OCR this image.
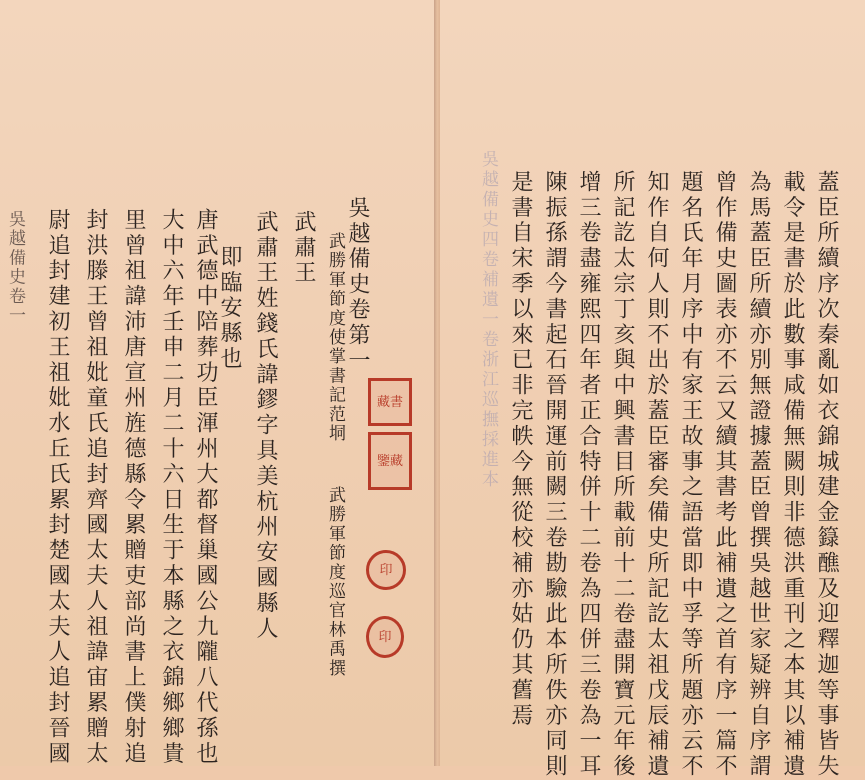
吳越備史卷一 尉追封建初王祖妣水丘氏累封楚國太夫人追封晉國 封洪滕王曾祖妣童氏追封齊國太夫人祖諱宙累贈太 里曾祖諱沛唐宣州旌德縣令累贈吏部尚書上僕射追 大中六年壬申二月二十六日生于本縣之衣錦鄉鄉貴 唐武德中陪葬功臣渾州大都督巢國公九隴八代孫也 即臨安縣也 武肅王姓錢氏諱鏐字具美杭州安國縣人 武肅王
武勝軍節度巡官林禹撰
武勝軍節度使掌書記范垌 吳越備史卷第一
藏書
鑒藏
印
印	是書自宋季以來已非完帙今無從校補亦姑仍其舊焉 陳振孫謂今書起石晉開運前闕三卷勘驗此本所佚亦同則 增三卷盡雍熙四年者正合特併十二卷為四併三卷為一耳 所記訖太宗丁亥與中興書目所載前十二卷盡開寶元年後 知作自何人則不出於蓋臣審矣備史所記訖太祖戊辰補遺 題名氏年月序中有家王故事之語當即中孚等所題亦云不 曾作備史圖表亦不云又續其書考此補遺之首有序一篇不 為馬蓋臣所續亦別無證據蓋臣曾撰吳越世家疑辨自序謂 載令是書於此數事咸備無闕則非德洪重刊之本其以補遺 蓋臣所續序次秦亂如衣錦城建金籙醮及迎釋迦等事皆失
吳越備史四卷補遺一卷浙江巡撫採進本
